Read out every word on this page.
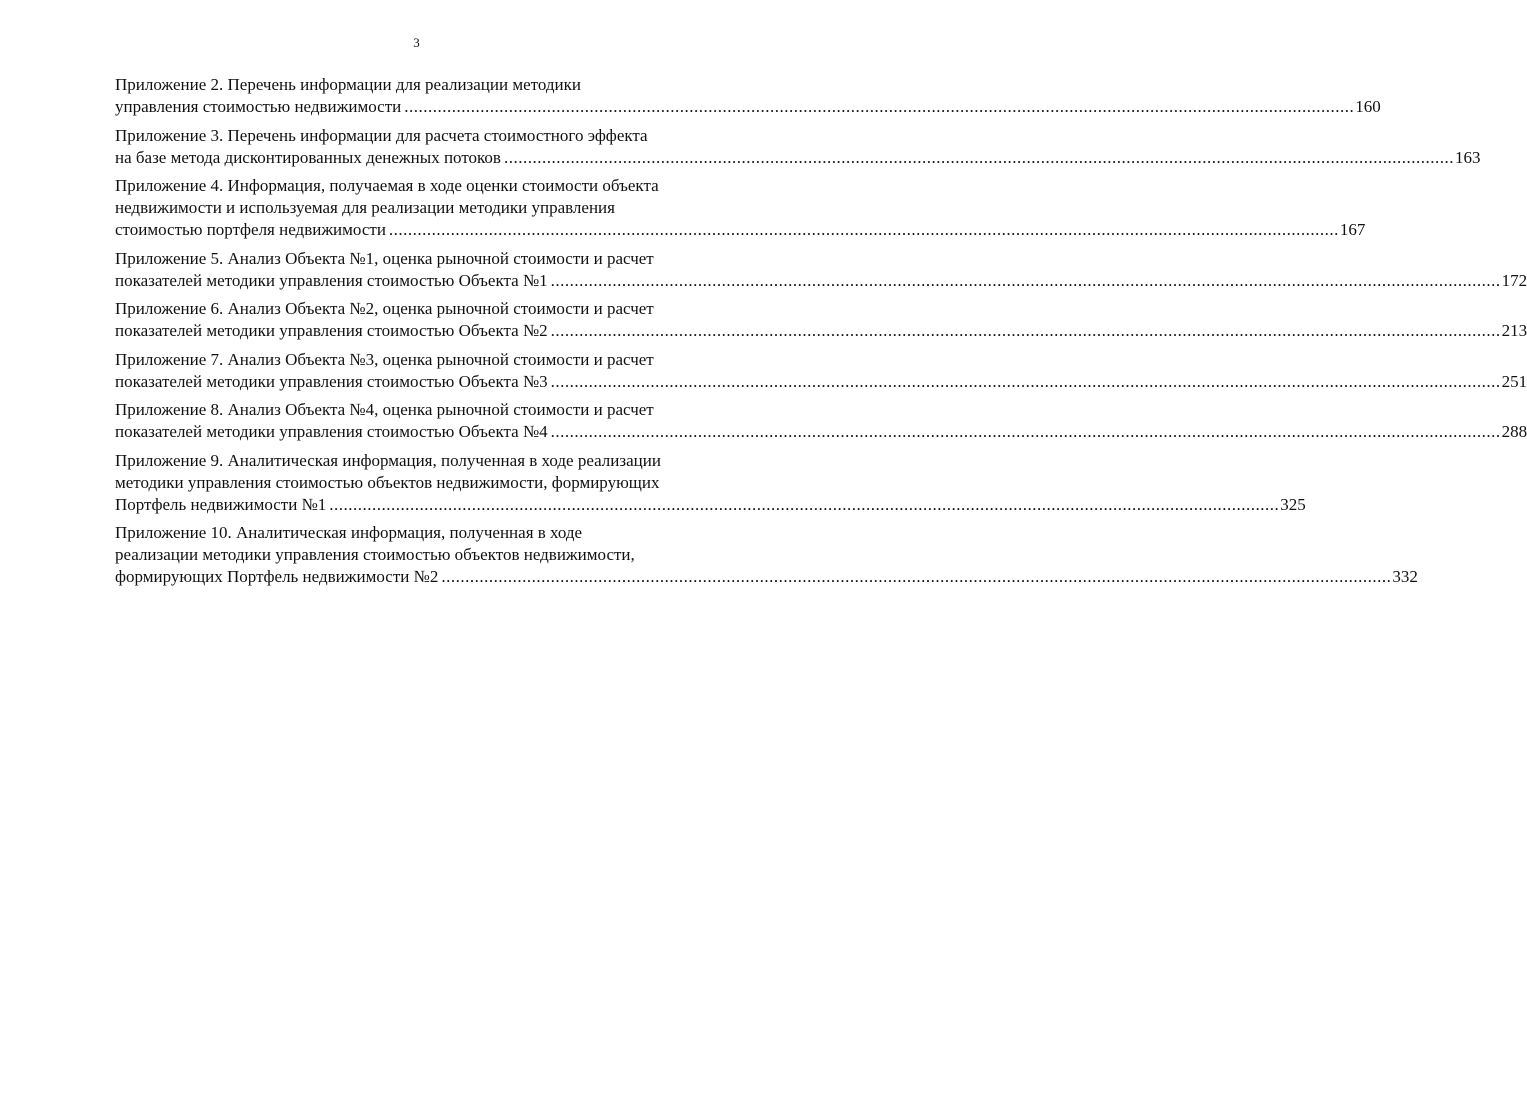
3
Приложение 2. Перечень информации для реализации методики
управления стоимостью недвижимости ........................................................................................................................................................................................................ 160
Приложение 3. Перечень информации для расчета стоимостного эффекта
на базе метода дисконтированных денежных потоков ........................................................................................................................................................................................................ 163
Приложение 4. Информация, получаемая в ходе оценки стоимости объекта
недвижимости и используемая для реализации методики управления
стоимостью портфеля недвижимости ........................................................................................................................................................................................................ 167
Приложение 5. Анализ Объекта №1, оценка рыночной стоимости и расчет
показателей методики управления стоимостью Объекта №1 ........................................................................................................................................................................................................ 172
Приложение 6. Анализ Объекта №2, оценка рыночной стоимости и расчет
показателей методики управления стоимостью Объекта №2 ........................................................................................................................................................................................................ 213
Приложение 7. Анализ Объекта №3, оценка рыночной стоимости и расчет
показателей методики управления стоимостью Объекта №3 ........................................................................................................................................................................................................ 251
Приложение 8. Анализ Объекта №4, оценка рыночной стоимости и расчет
показателей методики управления стоимостью Объекта №4 ........................................................................................................................................................................................................ 288
Приложение 9. Аналитическая информация, полученная в ходе реализации
методики управления стоимостью объектов недвижимости, формирующих
Портфель недвижимости №1 ........................................................................................................................................................................................................ 325
Приложение 10. Аналитическая информация, полученная в ходе
реализации методики управления стоимостью объектов недвижимости,
формирующих Портфель недвижимости №2 ........................................................................................................................................................................................................ 332
